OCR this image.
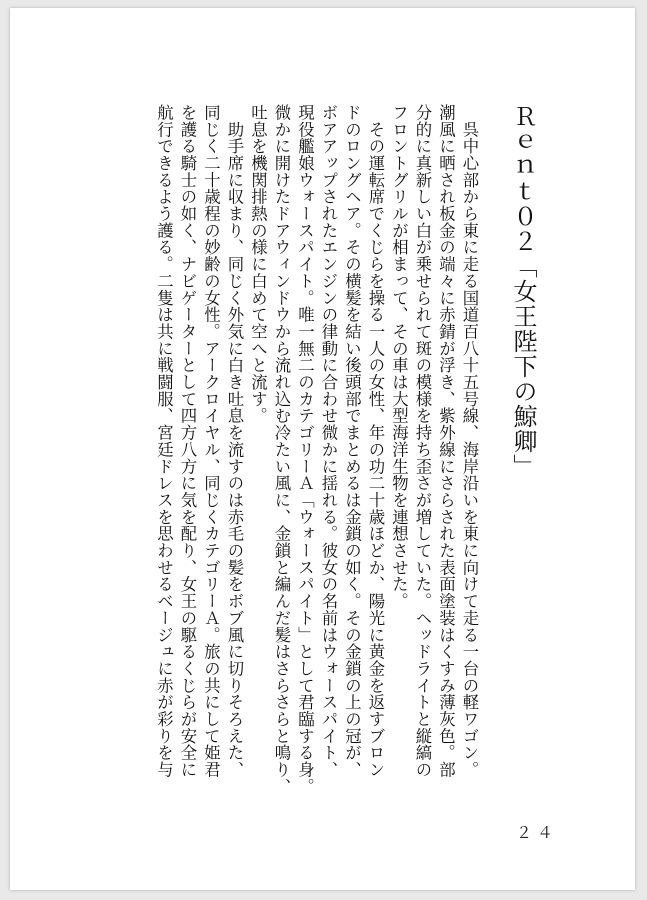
Ｒｅｎｔ０２「女王陛下の鯨卿」

　呉中心部から東に走る国道百八十五号線、海岸沿いを東に向けて走る一台の軽ワゴン。

潮風に晒され板金の端々に赤錆が浮き、紫外線にさらされた表面塗装はくすみ薄灰色。部

分的に真新しい白が乗せられて斑の模様を持ち歪さが増していた。ヘッドライトと縦縞の

フロントグリルが相まって、その車は大型海洋生物を連想させた。

　その運転席でくじらを操る一人の女性、年の功二十歳ほどか、陽光に黄金を返すブロン

ドのロングヘア。その横髪を結い後頭部でまとめるは金鎖の如く。その金鎖の上の冠が、

ボアアップされたエンジンの律動に合わせ微かに揺れる。彼女の名前はウォースパイト、

現役艦娘ウォースパイト。唯一無二のカテゴリーＡ「ウォースパイト」として君臨する身。

微かに開けたドアウィンドウから流れ込む冷たい風に、金鎖と編んだ髪はさらさらと鳴り、

吐息を機関排熱の様に白めて空へと流す。

　助手席に収まり、同じく外気に白き吐息を流すのは赤毛の髪をボブ風に切りそろえた、

同じく二十歳程の妙齢の女性。アークロイヤル、同じくカテゴリーＡ。旅の共にして姫君

を護る騎士の如く、ナビゲーターとして四方八方に気を配り、女王の駆るくじらが安全に

航行できるよう護る。二隻は共に戦闘服、宮廷ドレスを思わせるベージュに赤が彩りを与

２４
